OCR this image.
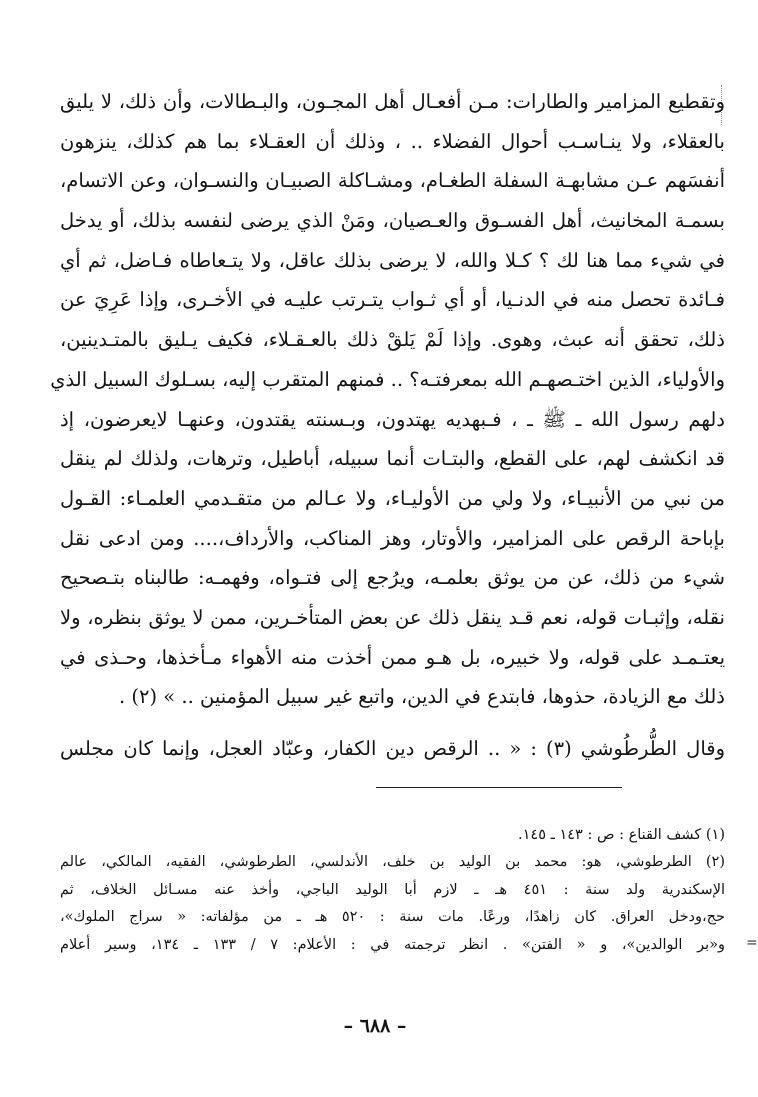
وتقطيع المزامير والطارات: مـن أفعـال أهل المجـون، والبـطالات، وأن ذلك، لا يليق
بالعقلاء، ولا ينـاسـب أحوال الفضلاء .. ، وذلك أن العقـلاء بما هم كذلك، ينزهون
أنفسَهم عـن مشابهـة السفلة الطغـام، ومشـاكلة الصبيـان والنسـوان، وعن الاتسام،
بسمـة المخانيث، أهل الفسـوق والعـصيان، ومَنْ الذي يرضى لنفسه بذلك، أو يدخل
في شيء مما هنا لك ؟ كـلا والله، لا يرضى بذلك عاقل، ولا يتـعاطاه فـاضل، ثم أي
فـائدة تحصل منه في الدنـيا، أو أي ثـواب يتـرتب عليـه في الأخـرى، وإذا عَرِيَ عن
ذلك، تحقق أنه عبث، وهوى. وإذا لَمْ يَلقْ ذلك بالعـقـلاء، فكيف يـليق بالمتـدينين،
والأولياء، الذين اختـصهـم الله بمعرفتـه؟ .. فمنهم المتقرب إليه، بسـلوك السبيل الذي
دلهم رسول الله ـ ﷺ ـ ، فـبهديه يهتدون، وبـسنته يقتدون، وعنهـا لايعرضون، إذ
قد انكشف لهم، على القطع، والبتـات أنما سبيله، أباطيل، وترهات، ولذلك لم ينقل
من نبي من الأنبيـاء، ولا ولي من الأوليـاء، ولا عـالم من متقـدمي العلمـاء: القـول
بإباحة الرقص على المزامير، والأوتار، وهز المناكب، والأرداف،.... ومن ادعى نقل
شيء من ذلك، عن من يوثق بعلمـه، ويرُجع إلى فتـواه، وفهمـه: طالبناه بتـصحيح
نقله، وإثبـات قوله، نعم قـد ينقل ذلك عن بعض المتأخـرين، ممن لا يوثق بنظره، ولا
يعتـمـد على قوله، ولا خبيره، بل هـو ممن أخذت منه الأهواء مـأخذها، وحـذى في
ذلك مع الزيادة، حذوها، فابتدع في الدين، واتبع غير سبيل المؤمنين .. » (٢) .
وقال الطُّرطُوشي (٣) : « .. الرقص دين الكفار، وعبّاد العجل، وإنما كان مجلس
(١) كشف القناع : ص : ١٤٣ ـ ١٤٥.
(٢) الطرطوشي، هو: محمد بن الوليد بن خلف، الأندلسي، الطرطوشي، الفقيه، المالكي، عالم
الإسكندرية ولد سنة : ٤٥١ هـ ـ لازم أبا الوليد الباجي، وأخذ عنه مسـائل الخلاف، ثم
حج،ودخل العراق. كان زاهدًا، ورعًا. مات سنة : ٥٢٠ هـ ـ من مؤلفاته: « سراج الملوك»،
و«بر الوالدين»، و « الفتن» . انظر ترجمته في : الأعلام: ٧ / ١٣٣ ـ ١٣٤، وسير أعلام =
– ٦٨٨ –
